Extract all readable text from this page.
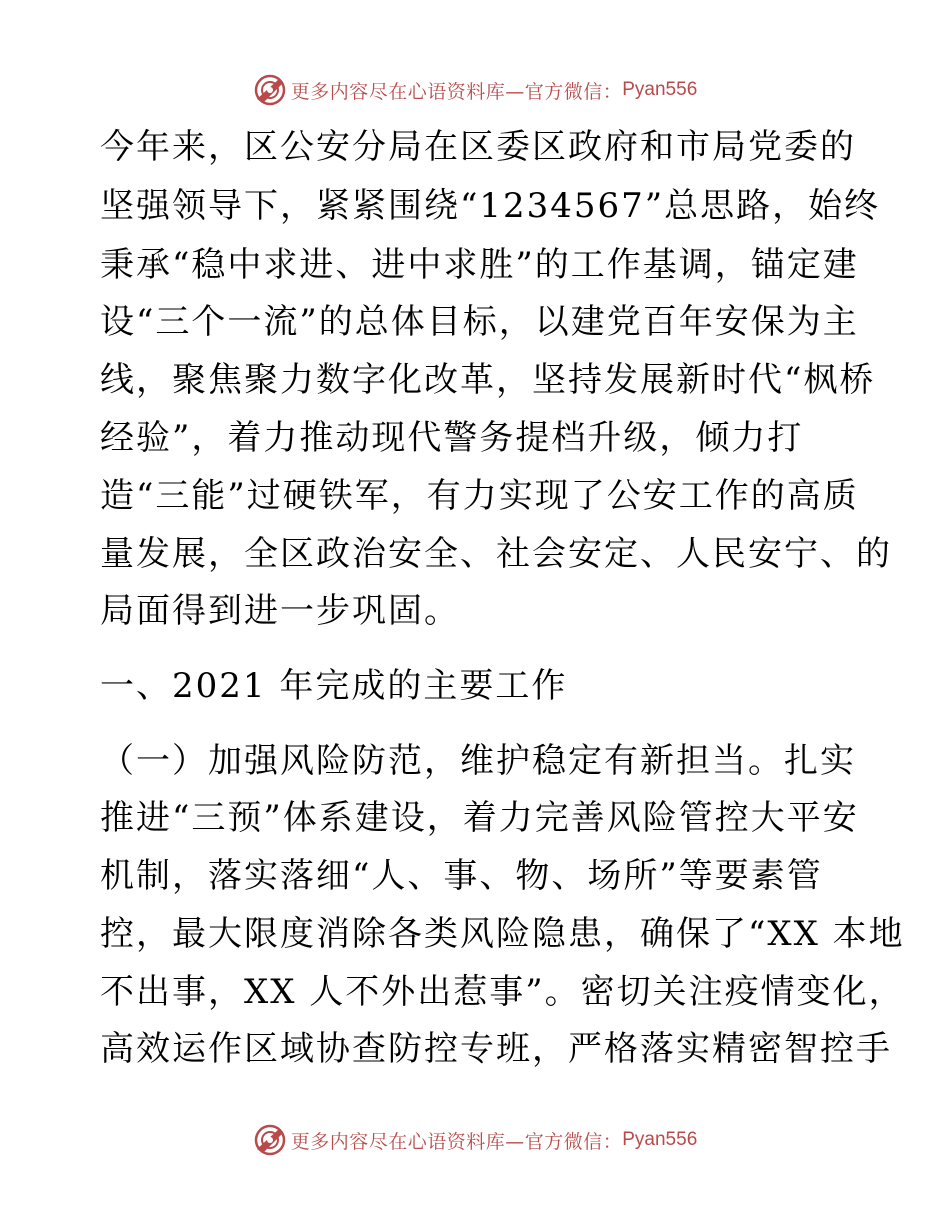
更多内容尽在心语资料库—官方微信： Pyan556
今年来，区公安分局在区委区政府和市局党委的
坚强领导下，紧紧围绕“1234567”总思路，始终
秉承“稳中求进、进中求胜”的工作基调，锚定建
设“三个一流”的总体目标，以建党百年安保为主
线，聚焦聚力数字化改革，坚持发展新时代“枫桥
经验”，着力推动现代警务提档升级，倾力打
造“三能”过硬铁军，有力实现了公安工作的高质
量发展，全区政治安全、社会安定、人民安宁、的
局面得到进一步巩固。
一、2021 年完成的主要工作
（一）加强风险防范，维护稳定有新担当。扎实
推进“三预”体系建设，着力完善风险管控大平安
机制，落实落细“人、事、物、场所”等要素管
控，最大限度消除各类风险隐患，确保了“XX 本地
不出事，XX 人不外出惹事”。密切关注疫情变化，
高效运作区域协查防控专班，严格落实精密智控手
更多内容尽在心语资料库—官方微信： Pyan556
